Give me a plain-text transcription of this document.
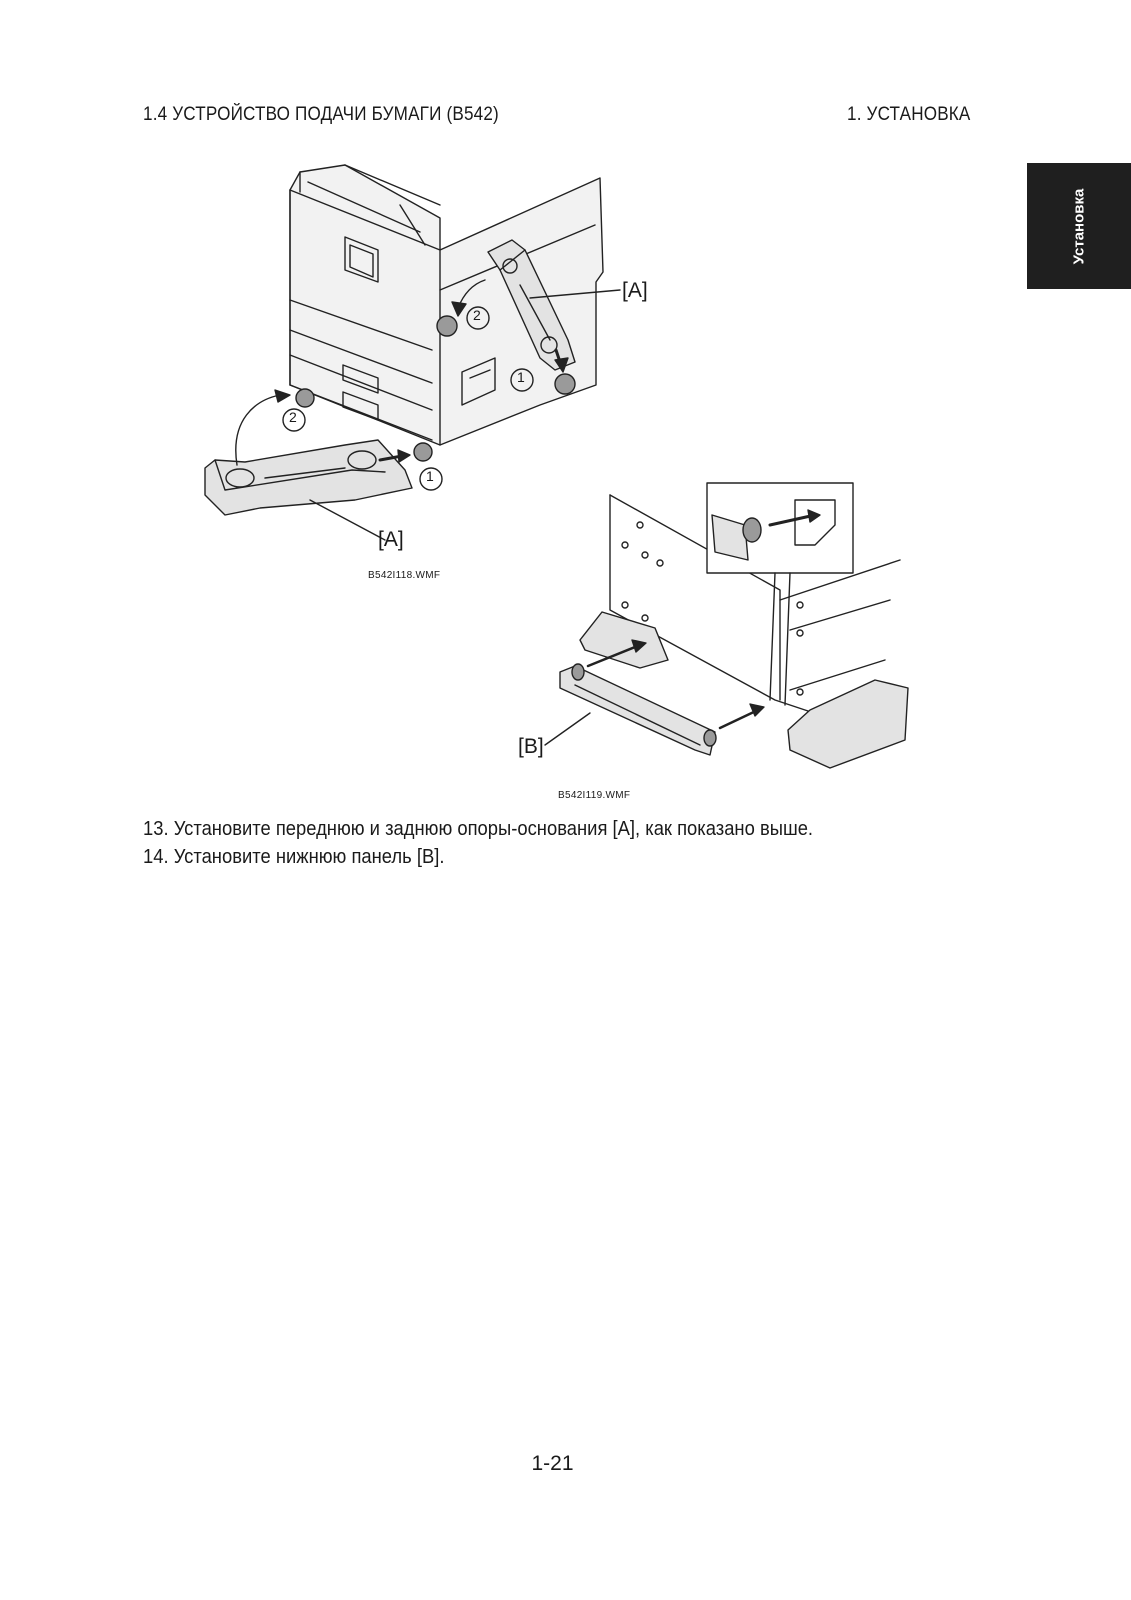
1.4 УСТРОЙСТВО ПОДАЧИ БУМАГИ (B542)	1. УСТАНОВКА
Установка
[A]
[A]
[B]
2
2
1
1
B542I118.WMF
B542I119.WMF
13. Установите переднюю и заднюю опоры-основания [A], как показано выше.
14. Установите нижнюю панель [B].
1-21
